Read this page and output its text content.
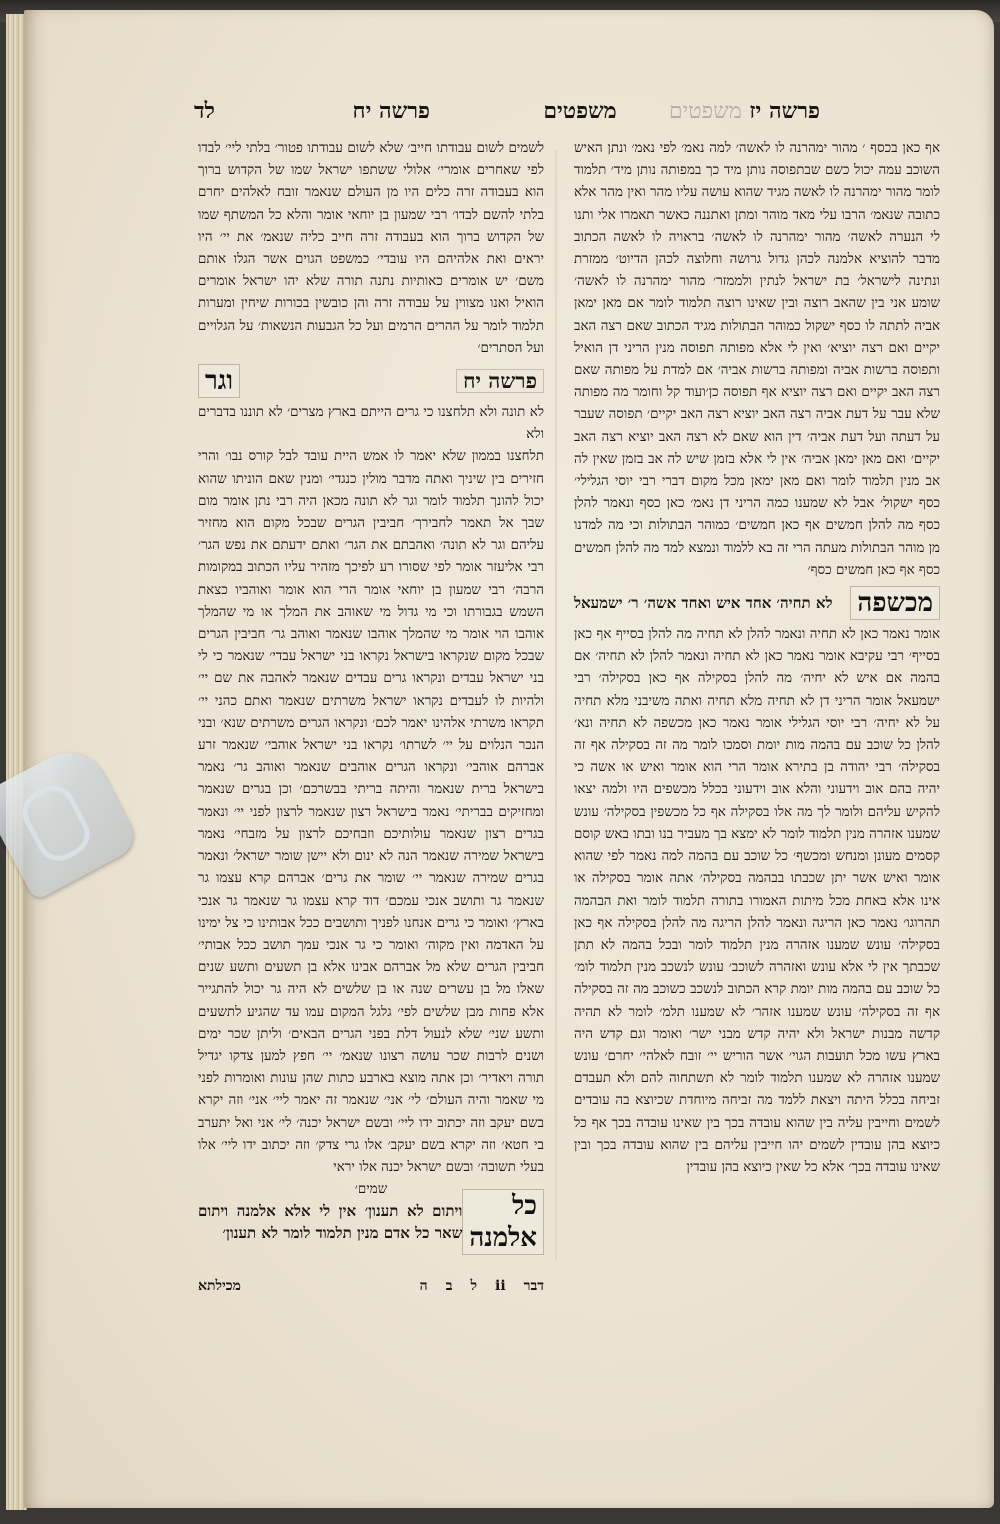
פרשה יז משפטים
משפטים
פרשה יח
לד

אף כאן בכסף ׳ מהור ימהרנה לו לאשה׳ למה נאמ׳ לפי נאמ׳ ונתן האיש השוכב עמה יכול כשם שבתפוסה נותן מיד כך במפותה נותן מיד׳ תלמוד לומר מהור ימהרנה לו לאשה מגיד שהוא עושה עליו מהר ואין מהר אלא כתובה שנאמ׳ הרבו עלי מאד מוהר ומתן ואתננה כאשר תאמרו אלי ותנו לי הנערה לאשה׳ מהור ימהרנה לו לאשה׳ בראויה לו לאשה הכתוב מדבר להוציא אלמנה לכהן גדול גרושה וחלוצה לכהן הדיוט׳ ממזרת ונתינה לישראל׳ בת ישראל לנתין ולממזר׳ מהור ימהרנה לו לאשה׳ שומע אני בין שהאב רוצה ובין שאינו רוצה תלמוד לומר אם מאן ימאן אביה לתתה לו כסף ישקול כמוהר הבתולות מגיד הכתוב שאם רצה האב יקיים ואם רצה יוציא׳ ואין לי אלא מפותה תפוסה מנין הריני דן הואיל ותפוסה ברשות אביה ומפותה ברשות אביה׳ אם למדת על מפותה שאם רצה האב יקיים ואם רצה יוציא אף תפוסה כן׳ועוד קל וחומר מה מפותה שלא עבר על דעת אביה רצה האב יוציא רצה האב יקיים׳ תפוסה שעבר על דעתה ועל דעת אביה׳ דין הוא שאם לא רצה האב יוציא רצה האב יקיים׳ ואם מאן ימאן אביה׳ אין לי אלא בזמן שיש לה אב בזמן שאין לה אב מנין תלמוד לומר ואם מאן ימאן מכל מקום דברי רבי יוסי הגלילי׳ כסף ישקול׳ אבל לא שמענו כמה הריני דן נאמ׳ כאן כסף ונאמר להלן כסף מה להלן חמשים אף כאן חמשים׳ כמוהר הבתולות וכי מה למדנו מן מוהר הבתולות מעתה הרי זה בא ללמוד ונמצא למד מה להלן חמשים כסף אף כאן חמשים כסף׳

מכשפה
לא תחיה׳ אחד איש ואחד אשה׳ ר׳ ישמעאל

אומר נאמר כאן לא תחיה ונאמר להלן לא תחיה מה להלן בסייף אף כאן בסייף׳ רבי עקיבא אומר נאמר כאן לא תחיה ונאמר להלן לא תחיה׳ אם בהמה אם איש לא יחיה׳ מה להלן בסקילה אף כאן בסקילה׳ רבי ישמעאל אומר הריני דן לא תחיה מלא תחיה ואתה משיבני מלא תחיה על לא יחיה׳ רבי יוסי הגלילי אומר נאמר כאן מכשפה לא תחיה ונא׳ להלן כל שוכב עם בהמה מות יומת וסמכו לומר מה זה בסקילה אף זה בסקילה׳ רבי יהודה בן בתירא אומר הרי הוא אומר ואיש או אשה כי יהיה בהם אוב וידעוני והלא אוב וידעוני בכלל מכשפים היו ולמה יצאו להקיש עליהם ולומר לך מה אלו בסקילה אף כל מכשפין בסקילה׳ עונש שמענו אזהרה מנין תלמוד לומר לא ימצא בך מעביר בנו ובתו באש קוסם קסמים מעונן ומנחש ומכשף׳ כל שוכב עם בהמה למה נאמר לפי שהוא אומר ואיש אשר יתן שכבתו בבהמה בסקילה׳ אתה אומר בסקילה או אינו אלא באחת מכל מיתות האמורו בתורה תלמוד לומר ואת הבהמה תהרוגו׳ נאמר כאן הריגה ונאמר להלן הריגה מה להלן בסקילה אף כאן בסקילה׳ עונש שמענו אזהרה מנין תלמוד לומר ובכל בהמה לא תתן שכבתך אין לי אלא עונש ואזהרה לשוכב׳ עונש לנשכב מנין תלמוד לומ׳ כל שוכב עם בהמה מות יומת קרא הכתוב לנשכב כשוכב מה זה בסקילה אף זה בסקילה׳ עונש שמענו אזהר׳ לא שמענו תלמ׳ לומר לא תהיה קדשה מבנות ישראל ולא יהיה קדש מבני ישר׳ ואומר וגם קדש היה בארץ עשו מכל תועבות הגוי׳ אשר הוריש יי׳ זובח לאלהי׳ יחרם׳ עונש שמענו אזהרה לא שמענו תלמוד לומר לא תשתחוה להם ולא תעבדם זביחה בכלל היתה ויצאת ללמד מה זביחה מיוחדת שכיוצא בה עובדים לשמים וחייבין עליה בין שהוא עובדה בכך בין שאינו עובדה בכך אף כל כיוצא בהן עובדין לשמים יהו חייבין עליהם בין שהוא עובדה בכך ובין שאינו עובדה בכך׳ אלא כל שאין כיוצא בהן עובדין

לשמים לשום עבודתו חייב׳ שלא לשום עבודתו פטור׳ בלתי ליי׳ לבדו לפי שאחרים אומרי׳ אלולי ששתפו ישראל שמו של הקדוש ברוך הוא בעבודה זרה כלים היו מן העולם שנאמר זובח לאלהים יחרם בלתי להשם לבדו׳ רבי שמעון בן יוחאי אומר והלא כל המשתף שמו של הקדוש ברוך הוא בעבודה זרה חייב כליה שנאמ׳ את יי׳ היו יראים ואת אלהיהם היו עובדי׳ כמשפט הגוים אשר הגלו אותם משם׳ יש אומרים כאותיות נתנה תורה שלא יהו ישראל אומרים הואיל ואנו מצווין על עבודה זרה והן כובשין בכורות שיחין ומערות תלמוד לומר על ההרים הרמים ועל כל הגבעות הנשאות׳ על הגלויים ועל הסתרים׳

פרשה יח
וגר

לא תונה ולא תלחצנו כי גרים הייתם בארץ מצרים׳ לא תוננו בדברים ולא

תלחצנו בממון שלא יאמר לו אמש היית עובד לבל קורס נבו׳ והרי חזירים בין שיניך ואתה מדבר מולין כנגדי׳ ומנין שאם הוניתו שהוא יכול להונך תלמוד לומר וגר לא תונה מכאן היה רבי נתן אומר מום שבך אל תאמר לחבירך׳ חביבין הגרים שבכל מקום הוא מחזיר עליהם וגר לא תונה׳ ואהבתם את הגר׳ ואתם ידעתם את נפש הגר׳ רבי אליעזר אומר לפי שסורו רע לפיכך מזהיר עליו הכתוב במקומות הרבה׳ רבי שמעון בן יוחאי אומר הרי הוא אומר ואוהביו כצאת השמש בגבורתו וכי מי גדול מי שאוהב את המלך או מי שהמלך אוהבו הוי אומר מי שהמלך אוהבו שנאמר ואוהב גר׳ חביבין הגרים שבכל מקום שנקראו בישראל נקראו בני ישראל עבדי׳ שנאמר כי לי בני ישראל עבדים ונקראו גרים עבדים שנאמר לאהבה את שם יי׳ ולהיות לו לעבדים נקראו ישראל משרתים שנאמר ואתם כהני יי׳ תקראו משרתי אלהינו יאמר לכם׳ ונקראו הגרים משרתים שנא׳ ובני הנכר הנלוים על יי׳ לשרתו׳ נקראו בני ישראל אוהבי׳ שנאמר זרע אברהם אוהבי׳ ונקראו הגרים אוהבים שנאמר ואוהב גר׳ נאמר בישראל ברית שנאמר והיתה בריתי בבשרכם׳ וכן בגרים שנאמר ומחזיקים בבריתי׳ נאמר בישראל רצון שנאמר לרצון לפני יי׳ ונאמר בגרים רצון שנאמר עולותיכם וזבחיכם לרצון על מזבחי׳ נאמר בישראל שמירה שנאמר הנה לא ינום ולא יישן שומר ישראל׳ ונאמר בגרים שמירה שנאמר יי׳ שומר את גרים׳ אברהם קרא עצמו גר שנאמר גר ותושב אנכי עמכם׳ דוד קרא עצמו גר שנאמר גר אנכי בארץ׳ ואומר כי גרים אנחנו לפניך ותושבים ככל אבותינו כי צל ימינו על האדמה ואין מקוה׳ ואומר כי גר אנכי עמך תושב ככל אבותי׳ חביבין הגרים שלא מל אברהם אבינו אלא בן תשעים ותשע שנים שאלו מל בן עשרים שנה או בן שלשים לא היה גר יכול להתגייר אלא פחות מבן שלשים לפי׳ גלגל המקום עמו עד שהגיע לתשעים ותשע שני׳ שלא לנעול דלת בפני הגרים הבאים׳ וליתן שכר ימים ושנים לרבות שכר עושה רצונו שנאמ׳ יי׳ חפץ למען צדקו יגדיל תורה ויאדיר׳ וכן אתה מוצא בארבע כתות שהן עונות ואומרות לפני מי שאמר והיה העולם׳ לי׳ אני׳ שנאמר זה יאמר ליי׳ אני׳ וזה יקרא בשם יעקב וזה יכתוב ידו ליי׳ ובשם ישראל יכנה׳ לי׳ אני ואל יתערב בי חטא׳ וזה יקרא בשם יעקב׳ אלו גרי צדק׳ וזה יכתוב ידו ליי׳ אלו בעלי תשובה׳ ובשם ישראל יכנה אלו יראי

שמים׳
כל אלמנה
ויתום לא תענון׳ אין לי אלא אלמנה ויתום שאר כל אדם מנין תלמוד לומר לא תענון׳
דבר
ii
ל
ב
ה
מכילתא
